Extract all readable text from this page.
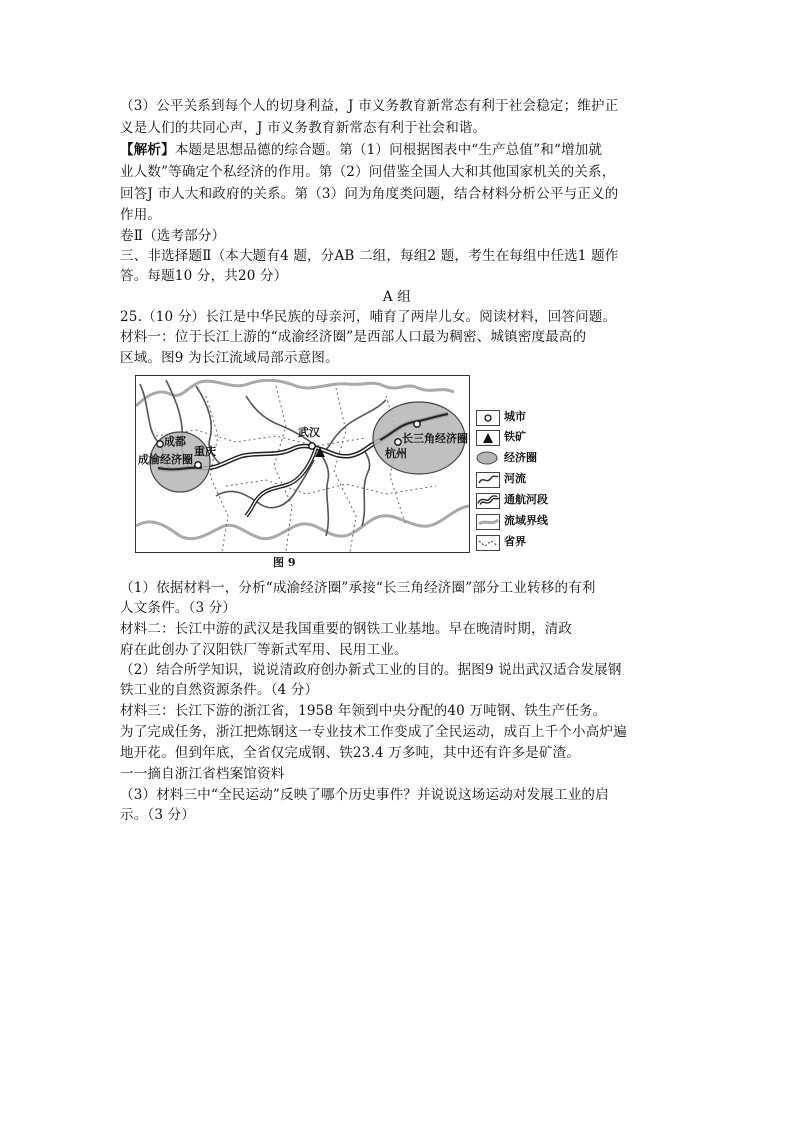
（3）公平关系到每个人的切身利益，J 市义务教育新常态有利于社会稳定；维护正
义是人们的共同心声，J 市义务教育新常态有利于社会和谐。
【解析】本题是思想品德的综合题。第（1）问根据图表中“生产总值”和“增加就
业人数”等确定个私经济的作用。第（2）问借鉴全国人大和其他国家机关的关系，
回答J 市人大和政府的关系。第（3）问为角度类问题，结合材料分析公平与正义的
作用。
卷Ⅱ（选考部分）
三、非选择题Ⅱ（本大题有4 题，分AB 二组，每组2 题，考生在每组中任选1 题作
答。每题10 分，共20 分）
A 组
25.（10 分）长江是中华民族的母亲河，哺育了两岸儿女。阅读材料，回答问题。
材料一：位于长江上游的“成渝经济圈”是西部人口最为稠密、城镇密度最高的
区域。图9 为长江流域局部示意图。
成都
成渝经济圈
重庆
武汉	长三角经济圈
杭州
图 9
城市
铁矿
经济圈
河流
通航河段
流域界线
省界
（1）依据材料一，分析“成渝经济圈”承接“长三角经济圈”部分工业转移的有利
人文条件。（3 分）
材料二：长江中游的武汉是我国重要的钢铁工业基地。早在晚清时期，清政
府在此创办了汉阳铁厂等新式军用、民用工业。
（2）结合所学知识，说说清政府创办新式工业的目的。据图9 说出武汉适合发展钢
铁工业的自然资源条件。（4 分）
材料三：长江下游的浙江省，1958 年领到中央分配的40 万吨钢、铁生产任务。
为了完成任务，浙江把炼钢这一专业技术工作变成了全民运动，成百上千个小高炉遍
地开花。但到年底，全省仅完成钢、铁23.4 万多吨，其中还有许多是矿渣。
一一摘自浙江省档案馆资料
（3）材料三中“全民运动”反映了哪个历史事件？并说说这场运动对发展工业的启
示。（3 分）
